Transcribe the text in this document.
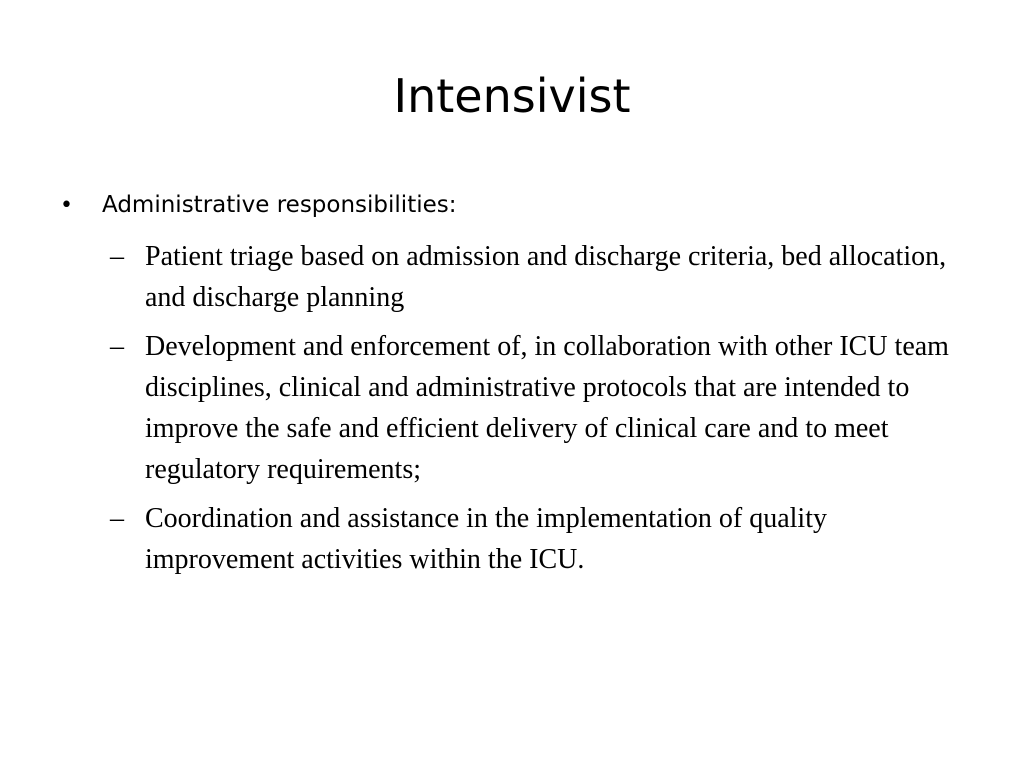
Intensivist
•	Administrative responsibilities:
– Patient triage based on admission and discharge criteria, bed allocation, and discharge planning
– Development and enforcement of, in collaboration with other ICU team disciplines, clinical and administrative protocols that are intended to improve the safe and efficient delivery of clinical care and to meet regulatory requirements;
– Coordination and assistance in the implementation of quality improvement activities within the ICU.
